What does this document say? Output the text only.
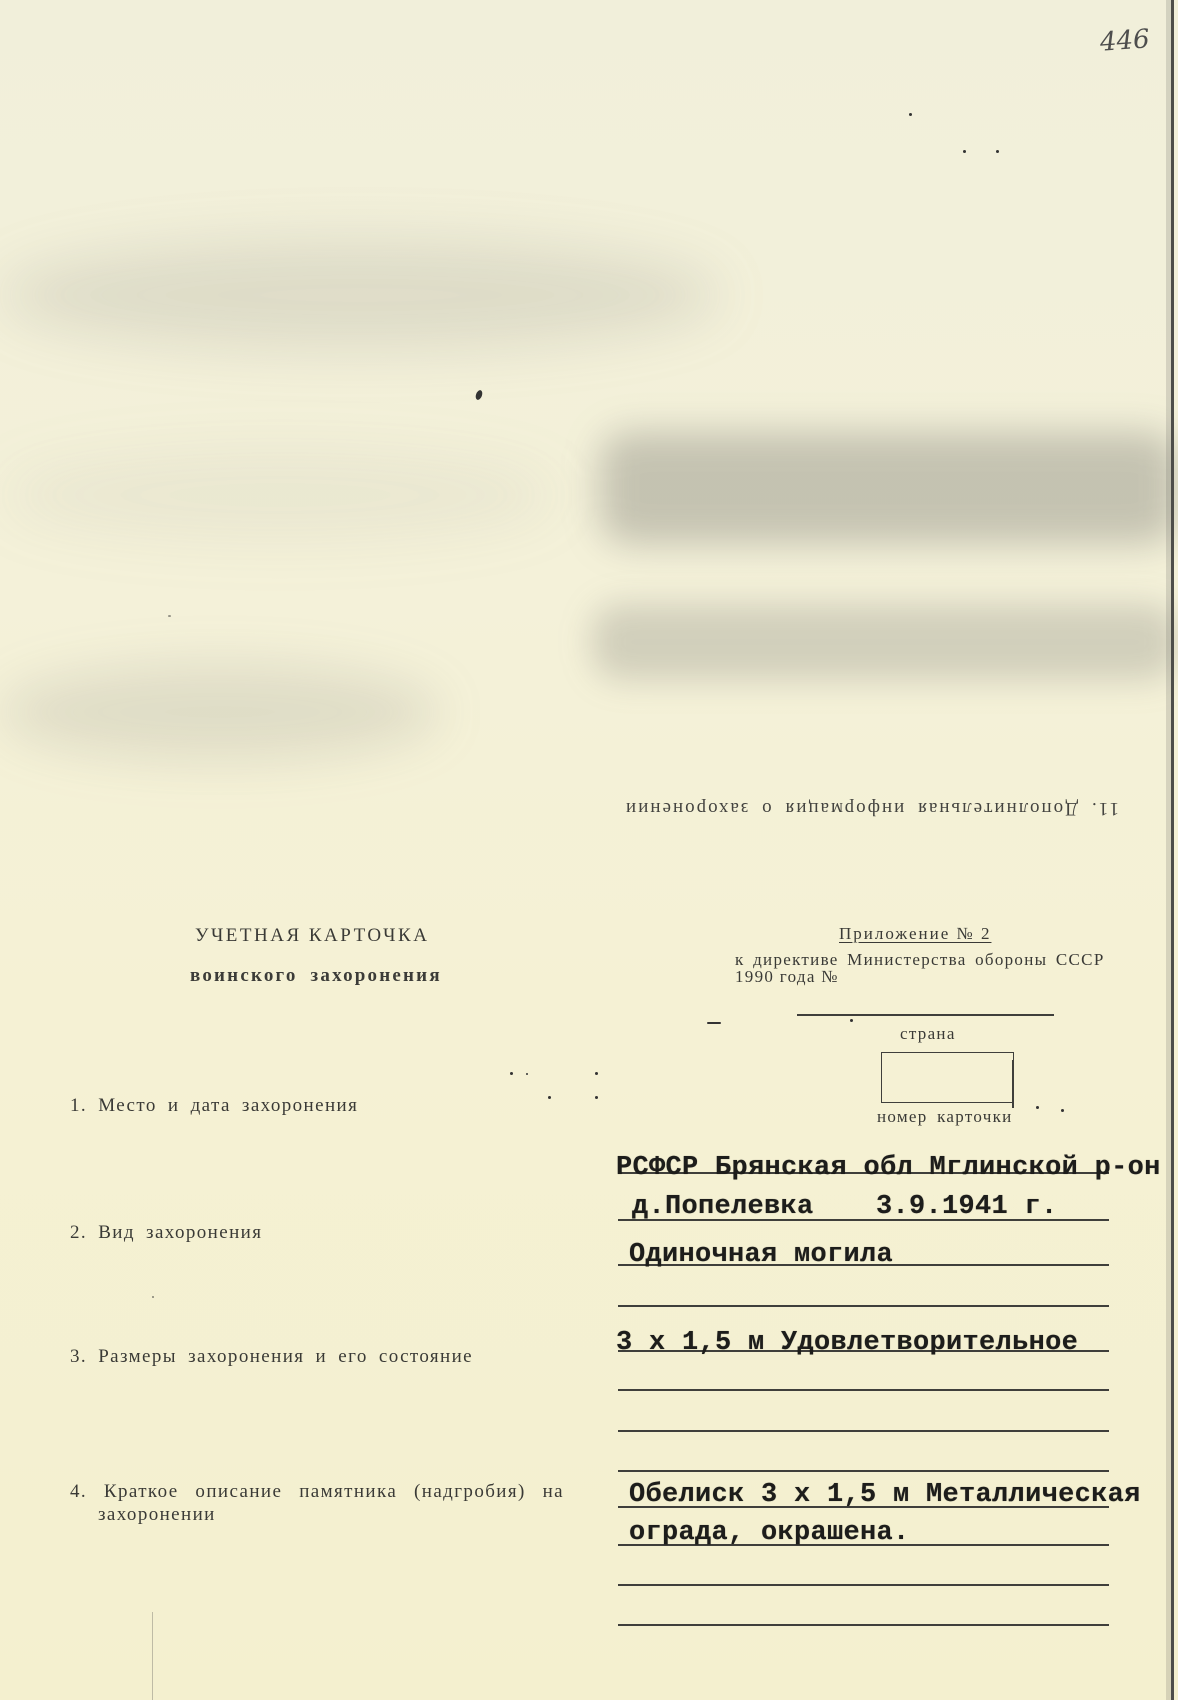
446
11. Дополнительная информация о захоронении
УЧЕТНАЯ КАРТОЧКА
воинского захоронения
Приложение № 2
к директиве Министерства обороны СССР
1990 года №
страна
номер карточки
1. Место и дата захоронения
2. Вид захоронения
3. Размеры захоронения и его состояние
4. Краткое описание памятника (надгробия) на
захоронении
РСФСР Брянская обл Мглинской р-он
д.Попелевка 3.9.1941 г.
Одиночная могила
3 х 1,5 м Удовлетворительное
Обелиск 3 х 1,5 м Металлическая
ограда, окрашена.
